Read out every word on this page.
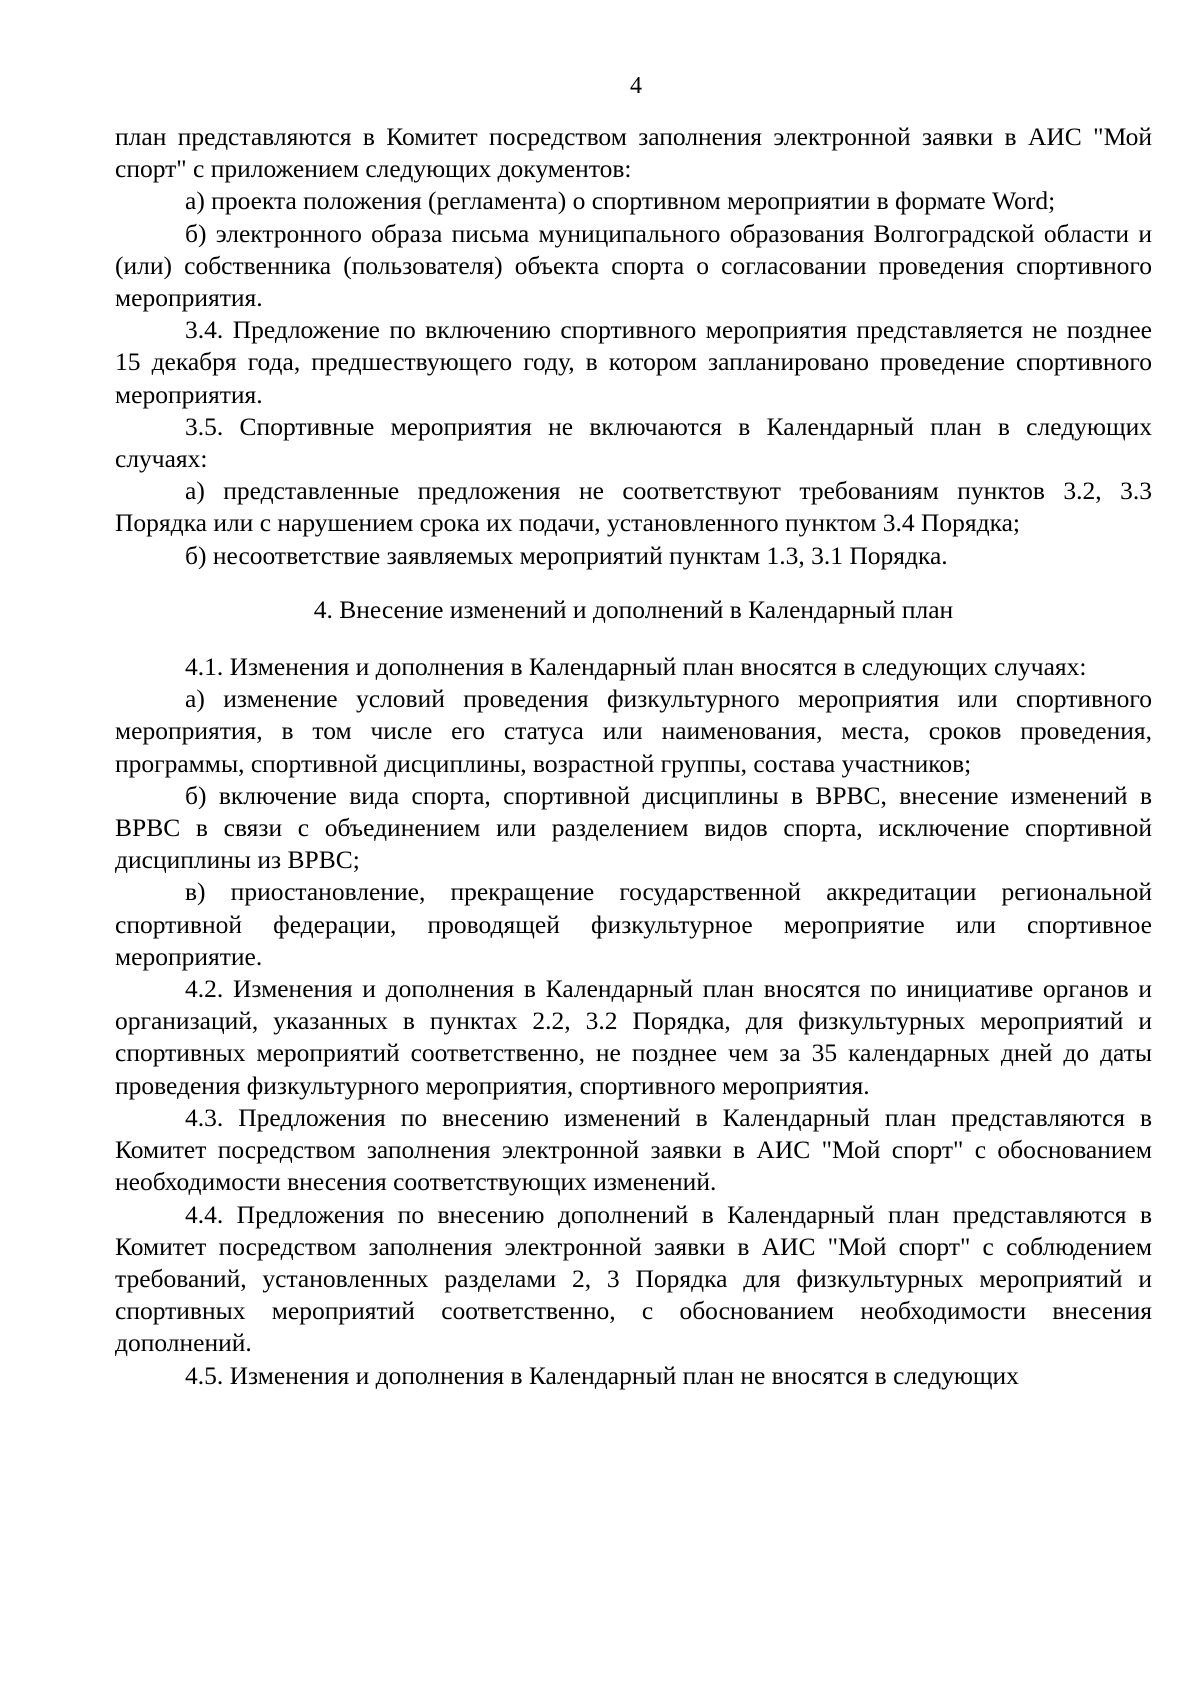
4

план представляются в Комитет посредством заполнения электронной заявки в АИС "Мой спорт" с приложением следующих документов:

а) проекта положения (регламента) о спортивном мероприятии в формате Word;

б) электронного образа письма муниципального образования Волгоградской области и (или) собственника (пользователя) объекта спорта о согласовании проведения спортивного мероприятия.

3.4. Предложение по включению спортивного мероприятия представляется не позднее 15 декабря года, предшествующего году, в котором запланировано проведение спортивного мероприятия.

3.5. Спортивные мероприятия не включаются в Календарный план в следующих случаях:

а) представленные предложения не соответствуют требованиям пунктов 3.2, 3.3 Порядка или с нарушением срока их подачи, установленного пунктом 3.4 Порядка;

б) несоответствие заявляемых мероприятий пунктам 1.3, 3.1 Порядка.

4. Внесение изменений и дополнений в Календарный план

4.1. Изменения и дополнения в Календарный план вносятся в следующих случаях:

а) изменение условий проведения физкультурного мероприятия или спортивного мероприятия, в том числе его статуса или наименования, места, сроков проведения, программы, спортивной дисциплины, возрастной группы, состава участников;

б) включение вида спорта, спортивной дисциплины в ВРВС, внесение изменений в ВРВС в связи с объединением или разделением видов спорта, исключение спортивной дисциплины из ВРВС;

в) приостановление, прекращение государственной аккредитации региональной спортивной федерации, проводящей физкультурное мероприятие или спортивное мероприятие.

4.2. Изменения и дополнения в Календарный план вносятся по инициативе органов и организаций, указанных в пунктах 2.2, 3.2 Порядка, для физкультурных мероприятий и спортивных мероприятий соответственно, не позднее чем за 35 календарных дней до даты проведения физкультурного мероприятия, спортивного мероприятия.

4.3. Предложения по внесению изменений в Календарный план представляются в Комитет посредством заполнения электронной заявки в АИС "Мой спорт" с обоснованием необходимости внесения соответствующих изменений.

4.4. Предложения по внесению дополнений в Календарный план представляются в Комитет посредством заполнения электронной заявки в АИС "Мой спорт" с соблюдением требований, установленных разделами 2, 3 Порядка для физкультурных мероприятий и спортивных мероприятий соответственно, с обоснованием необходимости внесения дополнений.

4.5. Изменения и дополнения в Календарный план не вносятся в следующих
